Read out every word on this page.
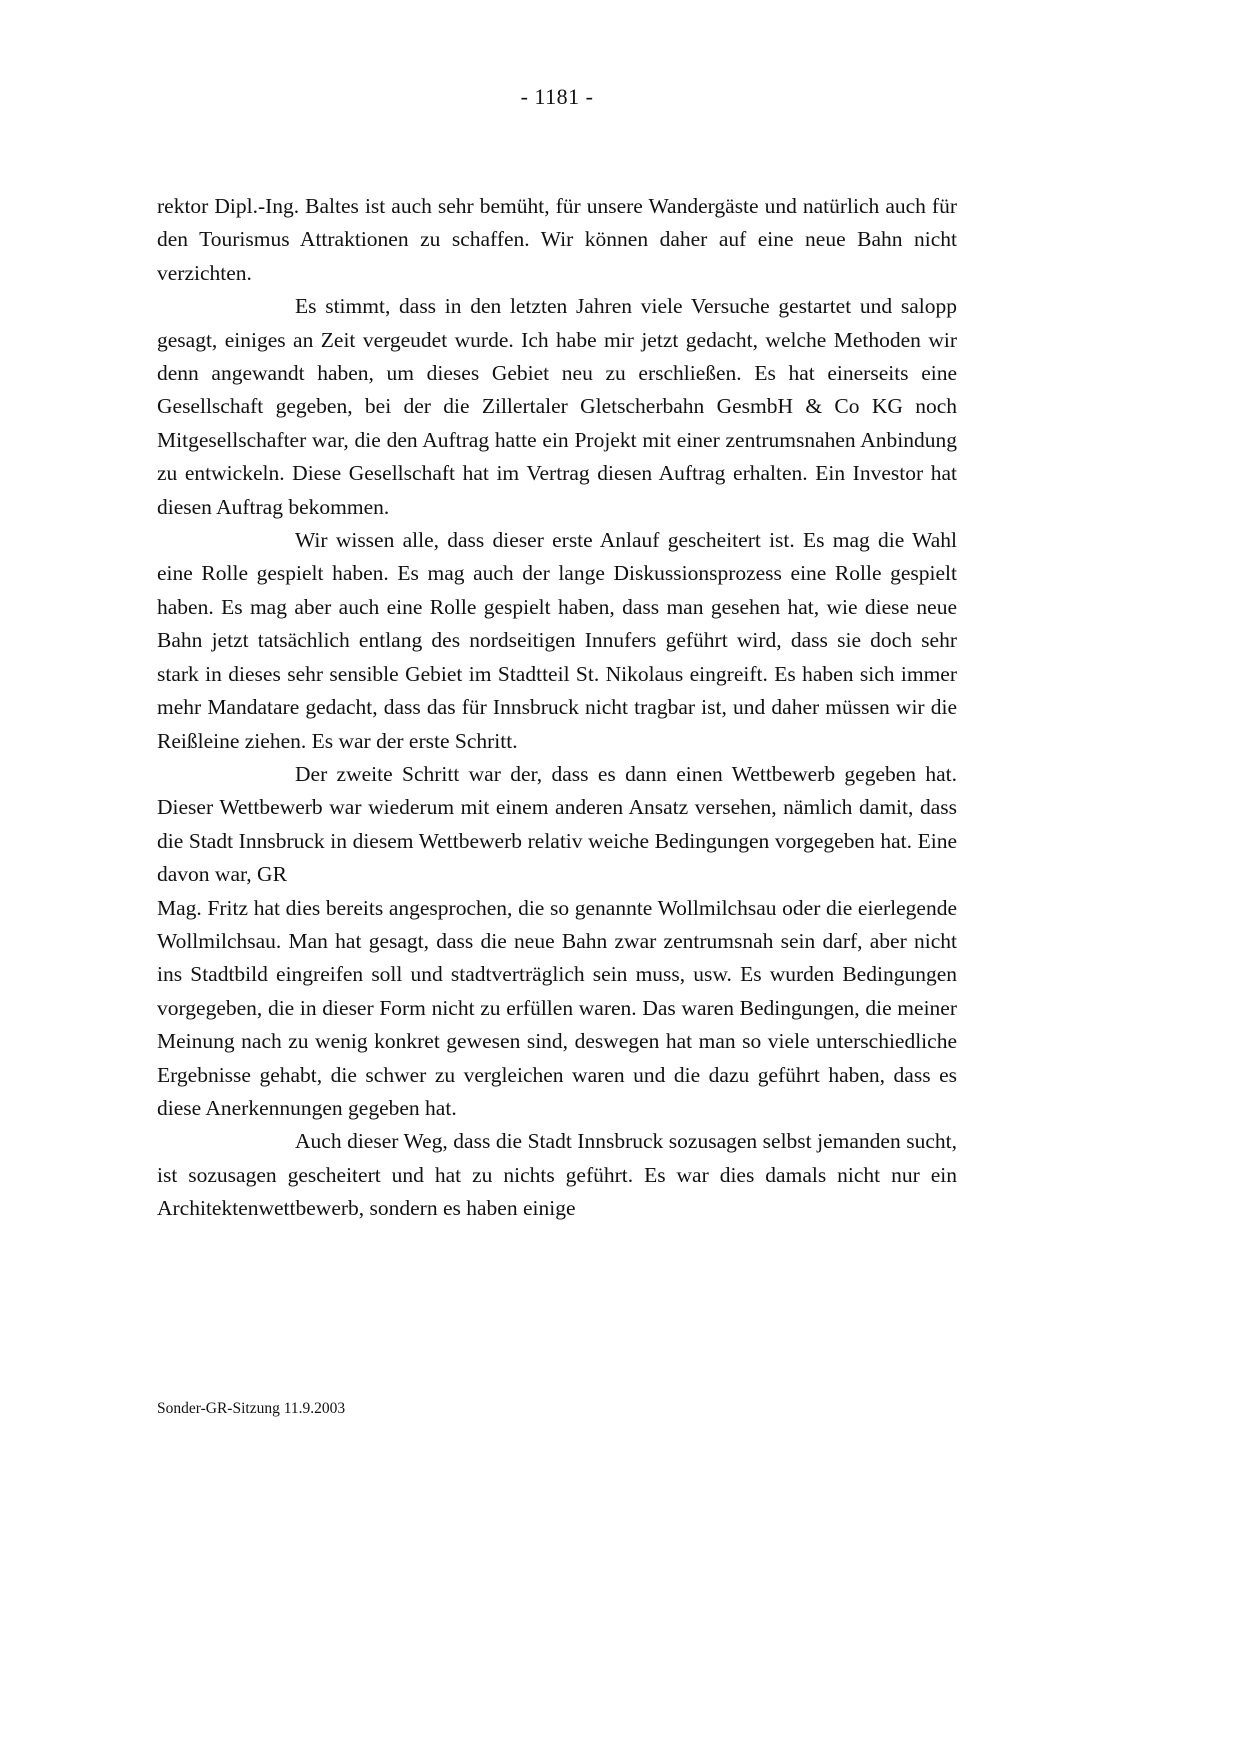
- 1181 -

rektor Dipl.-Ing. Baltes ist auch sehr bemüht, für unsere Wandergäste und natürlich auch für den Tourismus Attraktionen zu schaffen. Wir können daher auf eine neue Bahn nicht verzichten.

Es stimmt, dass in den letzten Jahren viele Versuche gestartet und salopp gesagt, einiges an Zeit vergeudet wurde. Ich habe mir jetzt gedacht, welche Methoden wir denn angewandt haben, um dieses Gebiet neu zu erschließen. Es hat einerseits eine Gesellschaft gegeben, bei der die Zillertaler Gletscherbahn GesmbH & Co KG noch Mitgesellschafter war, die den Auftrag hatte ein Projekt mit einer zentrumsnahen Anbindung zu entwickeln. Diese Gesellschaft hat im Vertrag diesen Auftrag erhalten. Ein Investor hat diesen Auftrag bekommen.

Wir wissen alle, dass dieser erste Anlauf gescheitert ist. Es mag die Wahl eine Rolle gespielt haben. Es mag auch der lange Diskussionsprozess eine Rolle gespielt haben. Es mag aber auch eine Rolle gespielt haben, dass man gesehen hat, wie diese neue Bahn jetzt tatsächlich entlang des nordseitigen Innufers geführt wird, dass sie doch sehr stark in dieses sehr sensible Gebiet im Stadtteil St. Nikolaus eingreift. Es haben sich immer mehr Mandatare gedacht, dass das für Innsbruck nicht tragbar ist, und daher müssen wir die Reißleine ziehen. Es war der erste Schritt.

Der zweite Schritt war der, dass es dann einen Wettbewerb gegeben hat. Dieser Wettbewerb war wiederum mit einem anderen Ansatz versehen, nämlich damit, dass die Stadt Innsbruck in diesem Wettbewerb relativ weiche Bedingungen vorgegeben hat. Eine davon war, GR
Mag. Fritz hat dies bereits angesprochen, die so genannte Wollmilchsau oder die eierlegende Wollmilchsau. Man hat gesagt, dass die neue Bahn zwar zentrumsnah sein darf, aber nicht ins Stadtbild eingreifen soll und stadtverträglich sein muss, usw. Es wurden Bedingungen vorgegeben, die in dieser Form nicht zu erfüllen waren. Das waren Bedingungen, die meiner Meinung nach zu wenig konkret gewesen sind, deswegen hat man so viele unterschiedliche Ergebnisse gehabt, die schwer zu vergleichen waren und die dazu geführt haben, dass es diese Anerkennungen gegeben hat.

Auch dieser Weg, dass die Stadt Innsbruck sozusagen selbst jemanden sucht, ist sozusagen gescheitert und hat zu nichts geführt. Es war dies damals nicht nur ein Architektenwettbewerb, sondern es haben einige

Sonder-GR-Sitzung 11.9.2003
